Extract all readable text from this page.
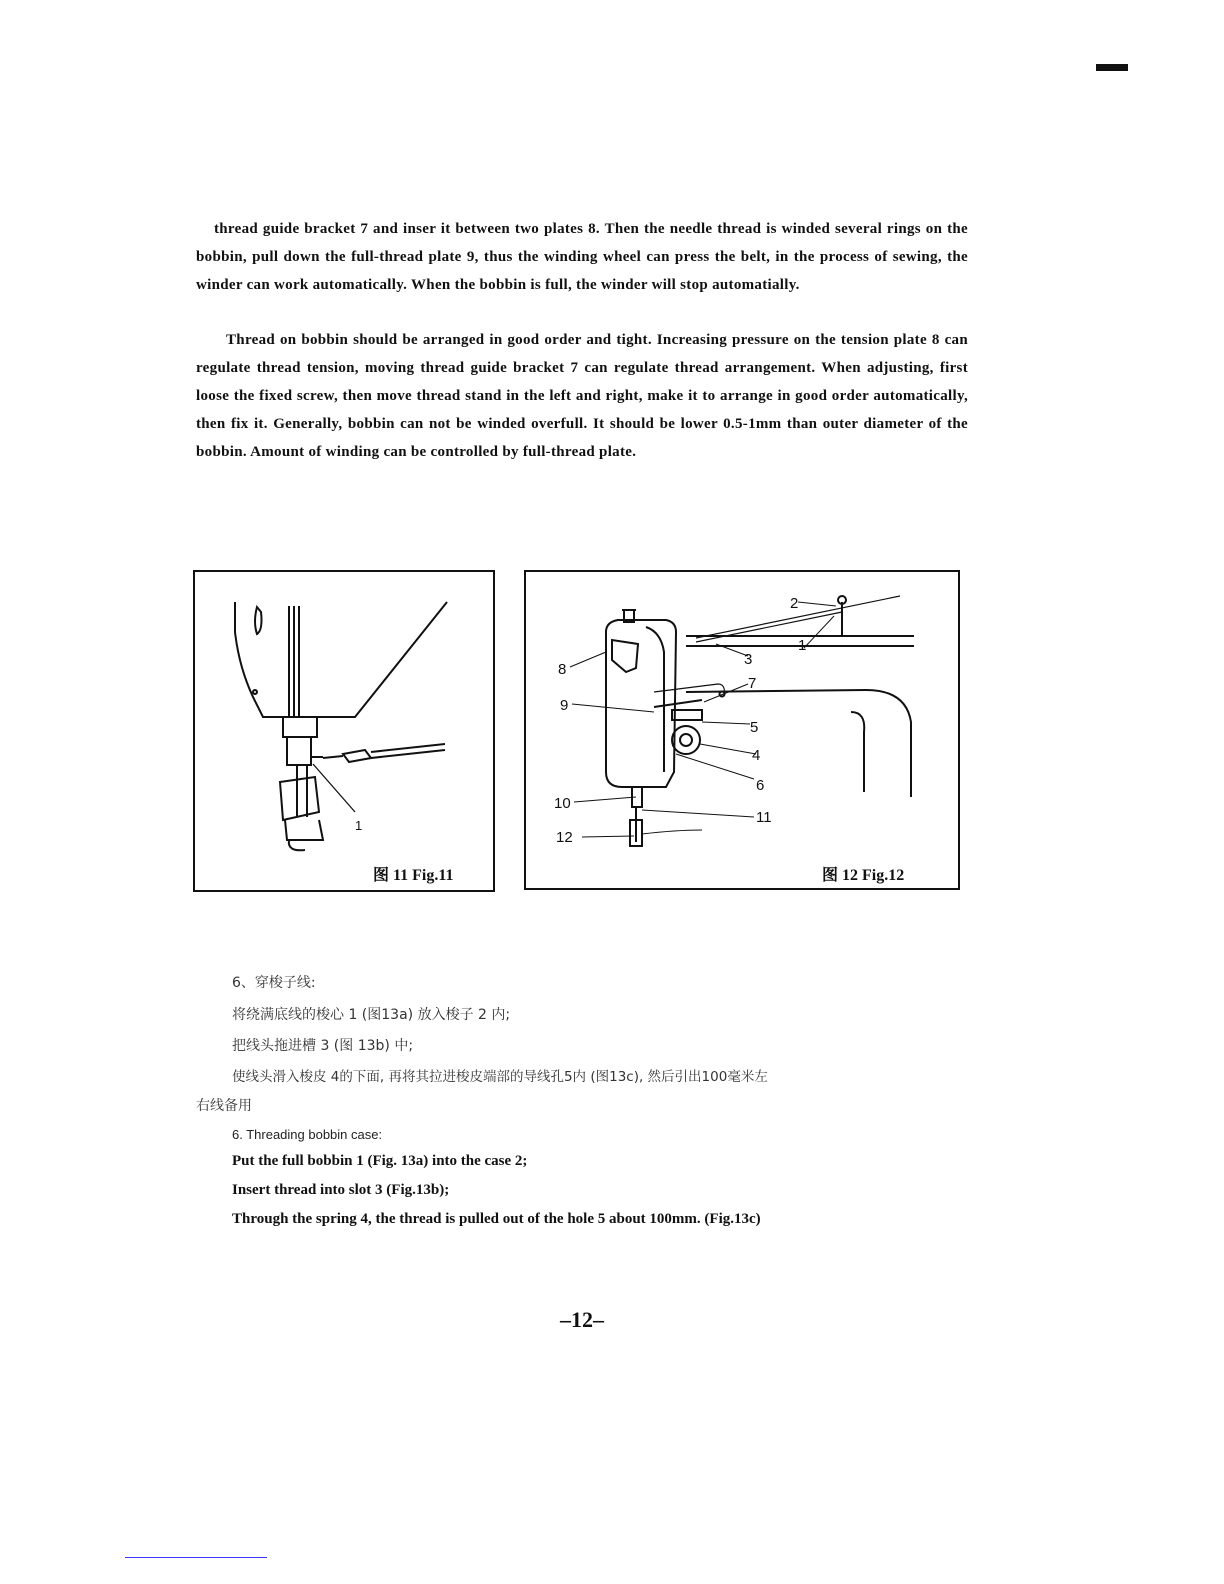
thread guide bracket 7 and inser it between two plates 8. Then the needle thread is winded several rings on the bobbin, pull down the full-thread plate 9, thus the winding wheel can press the belt, in the process of sewing, the winder can work automatically. When the bobbin is full, the winder will stop automatially.
Thread on bobbin should be arranged in good order and tight. Increasing pressure on the tension plate 8 can regulate thread tension, moving thread guide bracket 7 can regulate thread arrangement. When adjusting, first loose the fixed screw, then move thread stand in the left and right, make it to arrange in good order automatically, then fix it. Generally, bobbin can not be winded overfull. It should be lower 0.5-1mm than outer diameter of the bobbin. Amount of winding can be controlled by full-thread plate.
1
图 11 Fig.11
1
2
3
4
5
6
7
8
9
10
11
12
图 12 Fig.12
6、穿梭子线:
将绕满底线的梭心 1 (图13a) 放入梭子 2 内;
把线头拖进槽 3 (图 13b) 中;
使线头滑入梭皮 4的下面, 再将其拉进梭皮端部的导线孔5内 (图13c), 然后引出100毫米左
右线备用
6. Threading bobbin case:
Put the full bobbin 1 (Fig. 13a) into the case 2;
Insert thread into slot 3 (Fig.13b);
Through the spring 4, the thread is pulled out of the hole 5 about 100mm. (Fig.13c)
–12–
